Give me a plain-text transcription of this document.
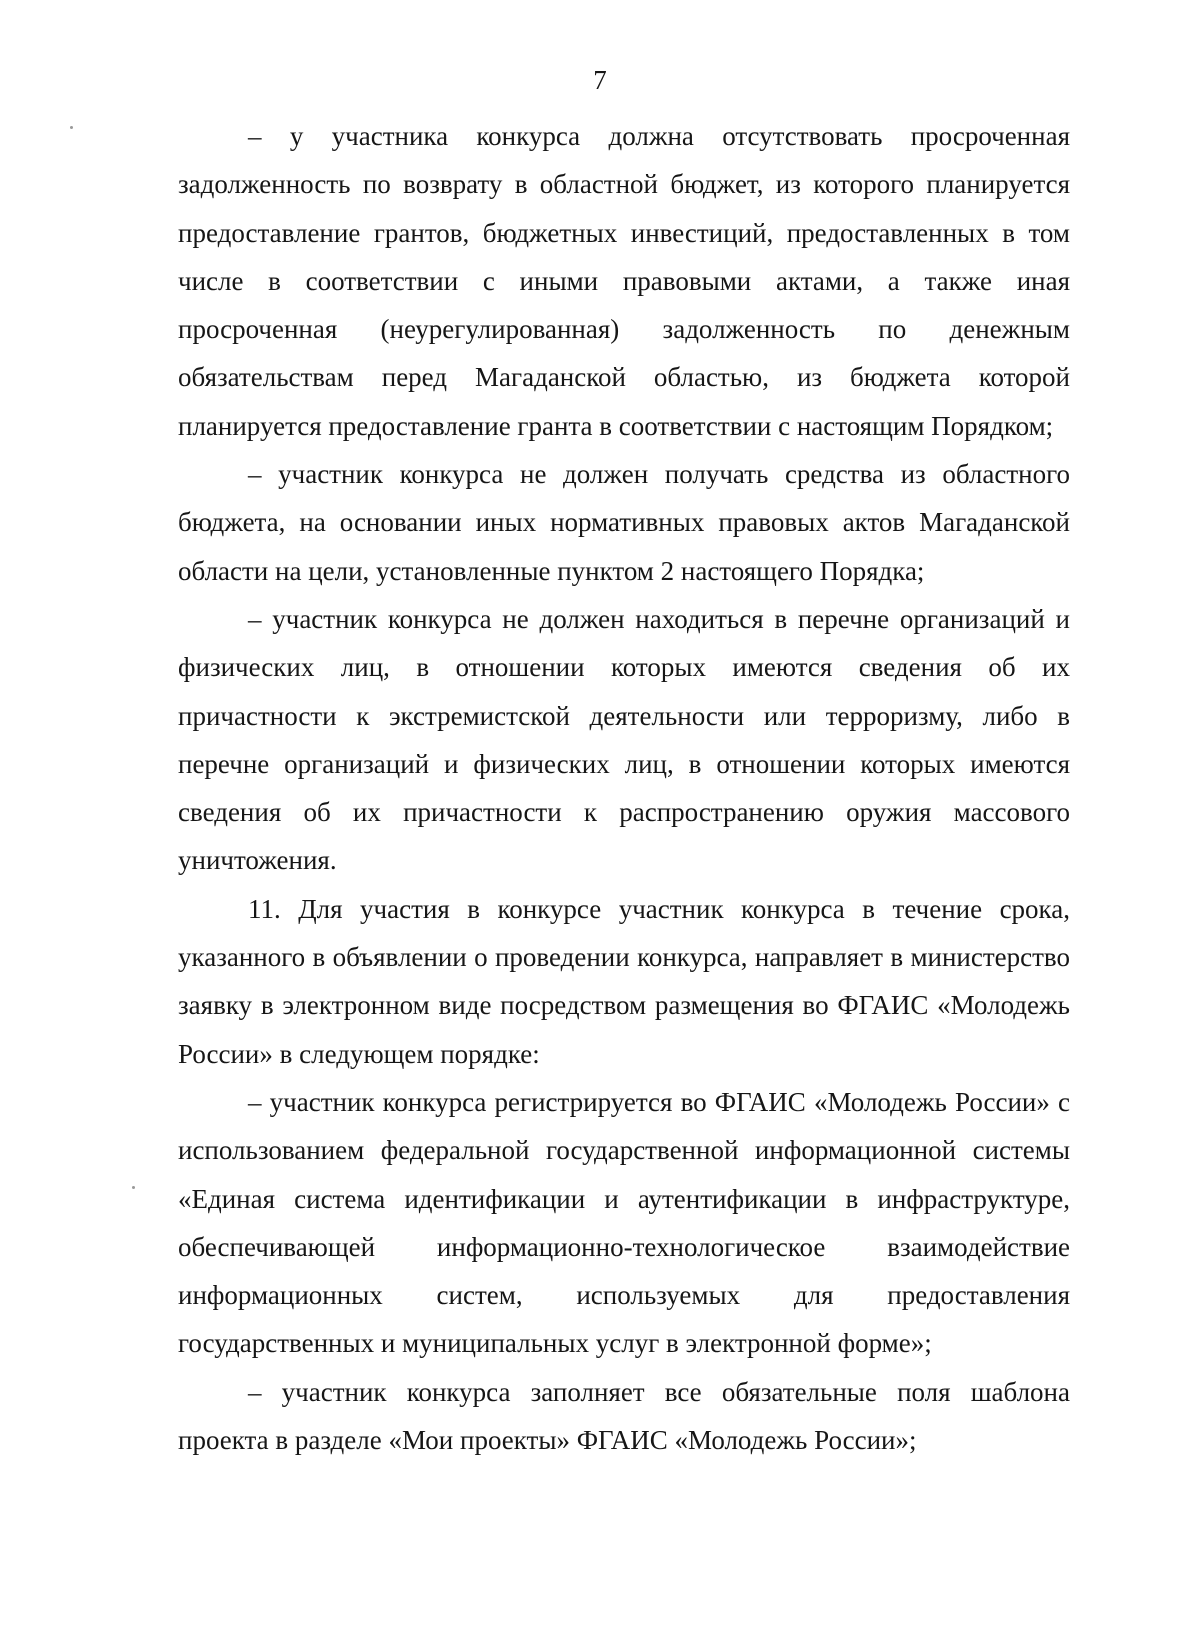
7

– у участника конкурса должна отсутствовать просроченная задолженность по возврату в областной бюджет, из которого планируется предоставление грантов, бюджетных инвестиций, предоставленных в том числе в соответствии с иными правовыми актами, а также иная просроченная (неурегулированная) задолженность по денежным обязательствам перед Магаданской областью, из бюджета которой планируется предоставление гранта в соответствии с настоящим Порядком;

– участник конкурса не должен получать средства из областного бюджета, на основании иных нормативных правовых актов Магаданской области на цели, установленные пунктом 2 настоящего Порядка;

– участник конкурса не должен находиться в перечне организаций и физических лиц, в отношении которых имеются сведения об их причастности к экстремистской деятельности или терроризму, либо в перечне организаций и физических лиц, в отношении которых имеются сведения об их причастности к распространению оружия массового уничтожения.

11. Для участия в конкурсе участник конкурса в течение срока, указанного в объявлении о проведении конкурса, направляет в министерство заявку в электронном виде посредством размещения во ФГАИС «Молодежь России» в следующем порядке:

– участник конкурса регистрируется во ФГАИС «Молодежь России» с использованием федеральной государственной информационной системы «Единая система идентификации и аутентификации в инфраструктуре, обеспечивающей информационно-технологическое взаимодействие информационных систем, используемых для предоставления государственных и муниципальных услуг в электронной форме»;

– участник конкурса заполняет все обязательные поля шаблона проекта в разделе «Мои проекты» ФГАИС «Молодежь России»;
